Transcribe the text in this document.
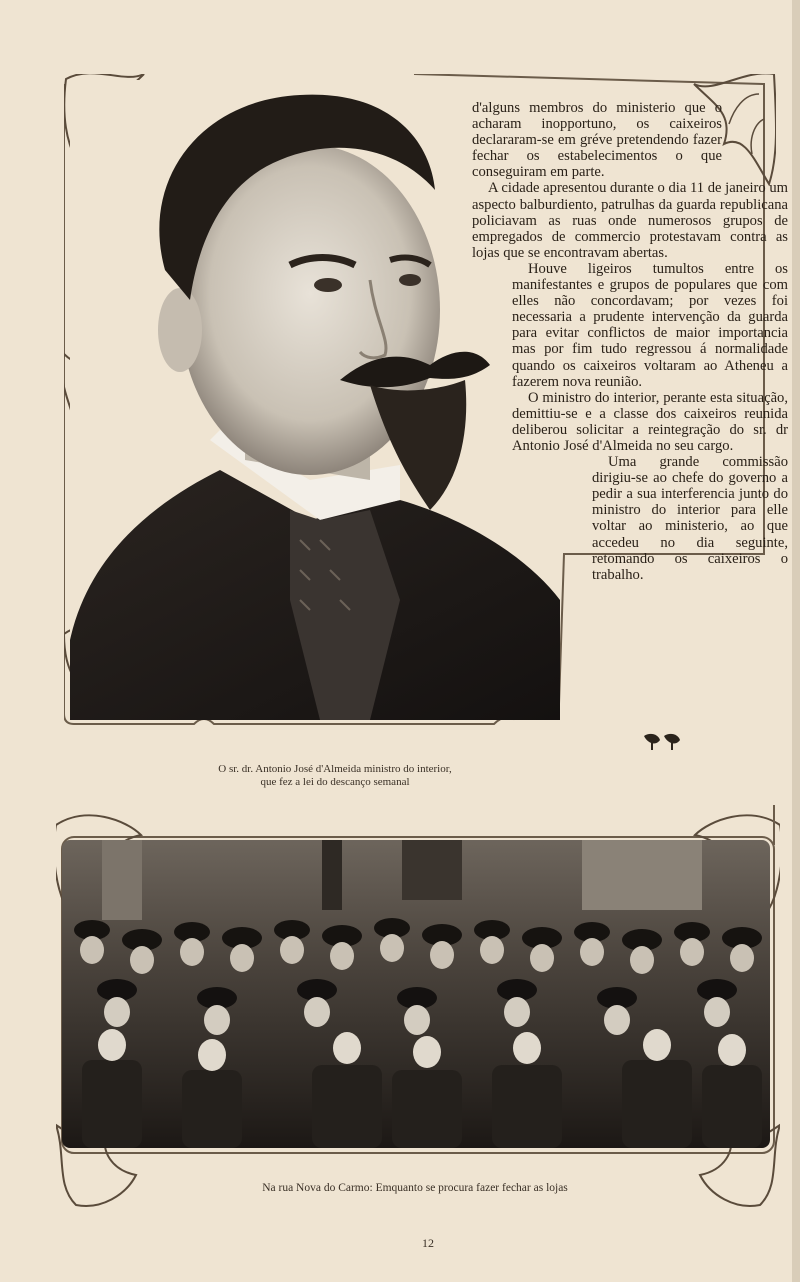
d'alguns membros do ministerio que o acharam inopportuno, os caixeiros declararam-se em gréve pretendendo fazer fechar os estabelecimentos o que conseguiram em parte.

A cidade apresentou durante o dia 11 de janeiro um aspecto balburdiento, patrulhas da guarda republicana policiavam as ruas onde numerosos grupos de empregados de commercio protestavam contra as lojas que se encontravam abertas.

Houve ligeiros tumultos entre os manifestantes e grupos de populares que com elles não concordavam; por vezes foi necessaria a prudente intervenção da guarda para evitar conflictos de maior importancia mas por fim tudo regressou á normalidade quando os caixeiros voltaram ao Atheneu a fazerem nova reunião.

O ministro do interior, perante esta situação, demittiu-se e a classe dos caixeiros reunida deliberou solicitar a reintegração do sr. dr Antonio José d'Almeida no seu cargo.

Uma grande commissão dirigiu-se ao chefe do governo a pedir a sua interferencia junto do ministro do interior para elle voltar ao ministerio, ao que accedeu no dia seguinte, retomando os caixeiros o trabalho.

O sr. dr. Antonio José d'Almeida ministro do interior,
que fez a lei do descanço semanal
Na rua Nova do Carmo: Emquanto se procura fazer fechar as lojas
12
